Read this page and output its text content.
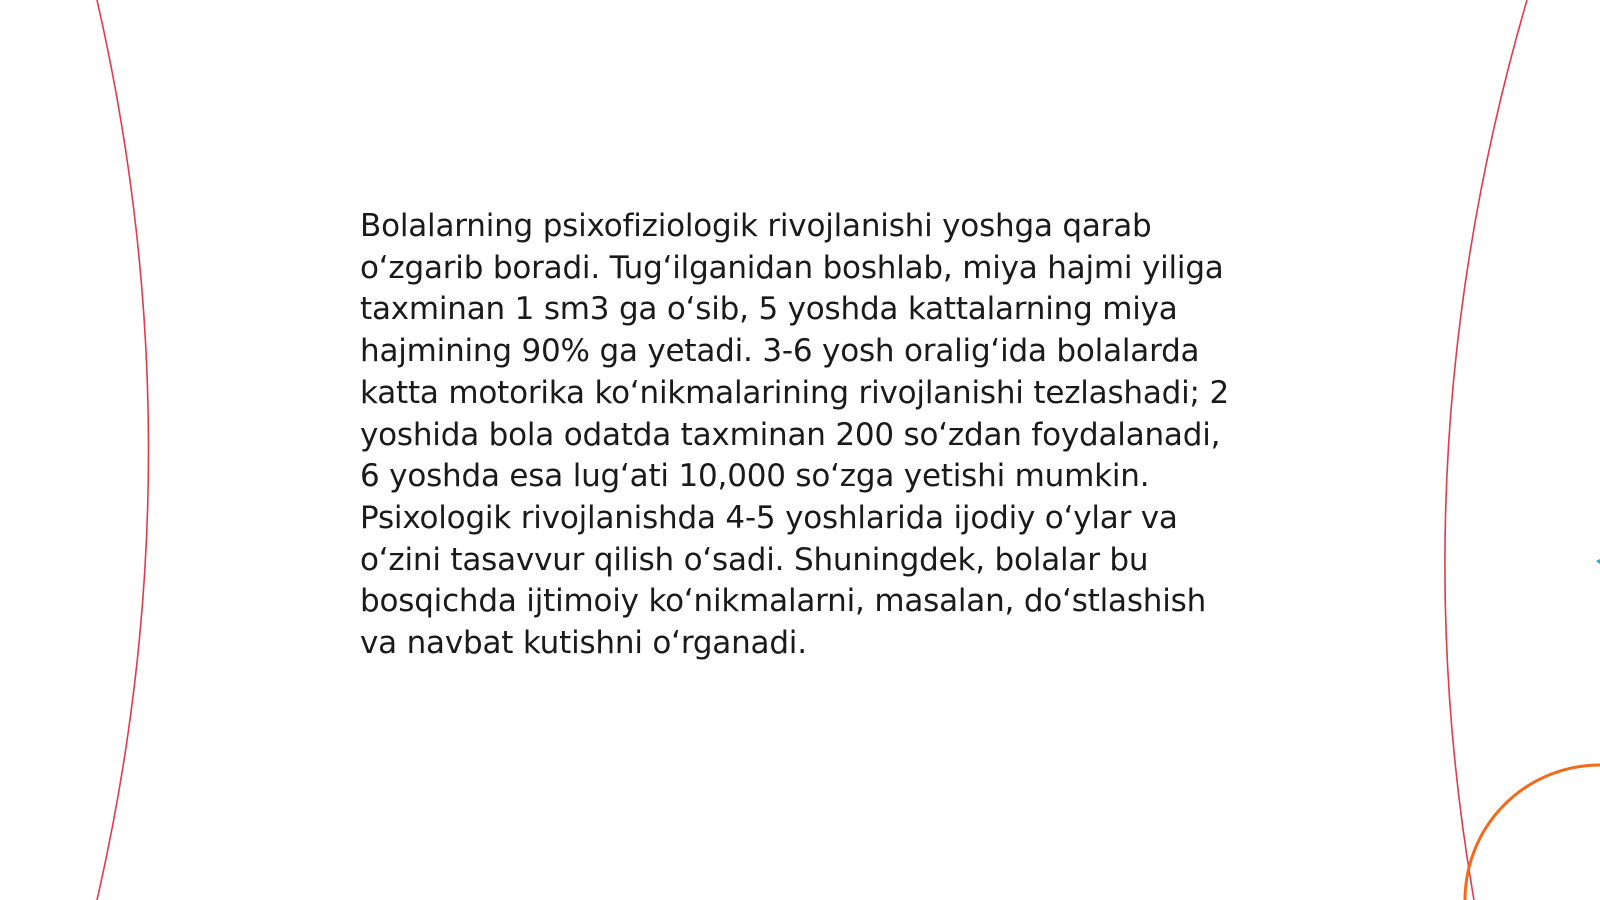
Bolalarning psixofiziologik rivojlanishi yoshga qarab oʻzgarib boradi. Tugʻilganidan boshlab, miya hajmi yiliga taxminan 1 sm3 ga oʻsib, 5 yoshda kattalarning miya hajmining 90% ga yetadi. 3-6 yosh oraligʻida bolalarda katta motorika koʻnikmalarining rivojlanishi tezlashadi; 2 yoshida bola odatda taxminan 200 soʻzdan foydalanadi, 6 yoshda esa lugʻati 10,000 soʻzga yetishi mumkin. Psixologik rivojlanishda 4-5 yoshlarida ijodiy oʻylar va oʻzini tasavvur qilish oʻsadi. Shuningdek, bolalar bu bosqichda ijtimoiy koʻnikmalarni, masalan, doʻstlashish va navbat kutishni oʻrganadi.
